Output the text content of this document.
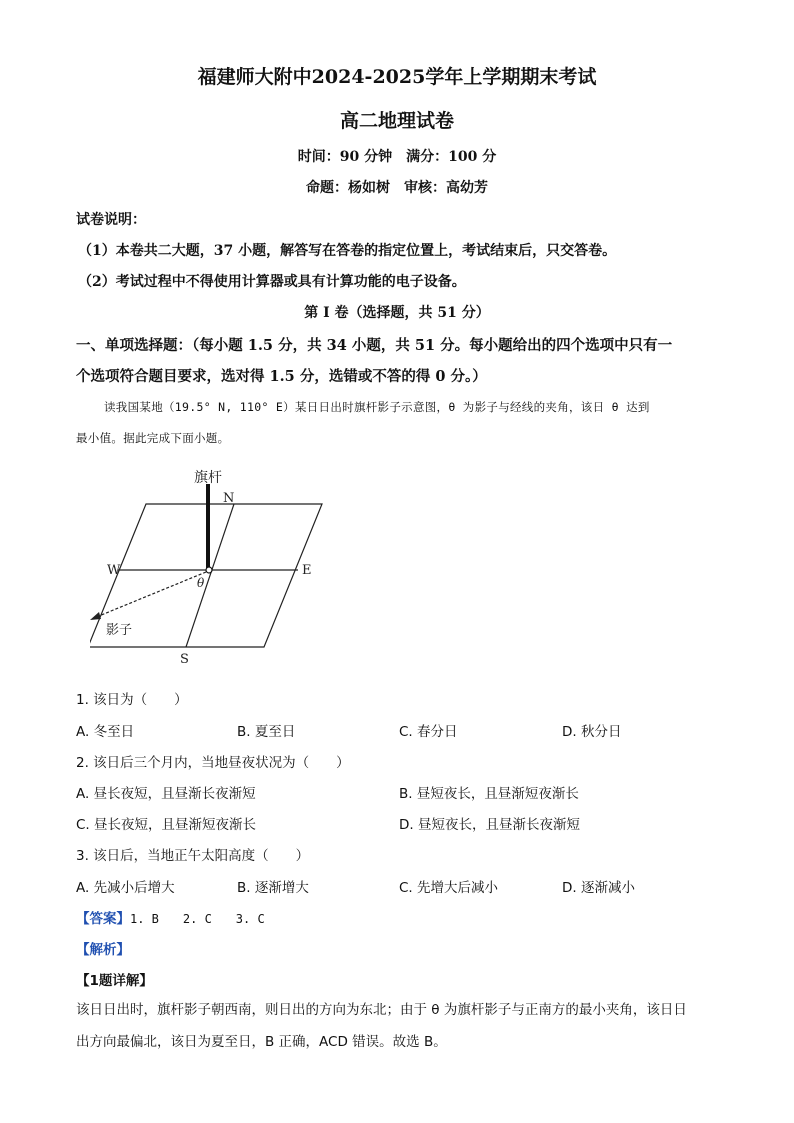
福建师大附中2024-2025学年上学期期末考试
高二地理试卷
时间：90 分钟　满分：100 分
命题：杨如树　审核：高幼芳
试卷说明：
（1）本卷共二大题，37 小题，解答写在答卷的指定位置上，考试结束后，只交答卷。
（2）考试过程中不得使用计算器或具有计算功能的电子设备。
第 I 卷（选择题，共 51 分）
一、单项选择题：（每小题 1.5 分，共 34 小题，共 51 分。每小题给出的四个选项中只有一
个选项符合题目要求，选对得 1.5 分，选错或不答的得 0 分。）
读我国某地（19.5° N, 110° E）某日日出时旗杆影子示意图，θ 为影子与经线的夹角，该日 θ 达到
最小值。据此完成下面小题。
旗杆
N
S
E
W
θ
影子
1. 该日为（　　）
A. 冬至日	B. 夏至日	C. 春分日	D. 秋分日
2. 该日后三个月内，当地昼夜状况为（　　）
A. 昼长夜短，且昼渐长夜渐短	B. 昼短夜长，且昼渐短夜渐长
C. 昼长夜短，且昼渐短夜渐长	D. 昼短夜长，且昼渐长夜渐短
3. 该日后，当地正午太阳高度（　　）
A. 先减小后增大	B. 逐渐增大	C. 先增大后减小	D. 逐渐减小
【答案】1. B　　2. C　　3. C
【解析】
【1题详解】
该日日出时，旗杆影子朝西南，则日出的方向为东北；由于 θ 为旗杆影子与正南方的最小夹角，该日日
出方向最偏北，该日为夏至日，B 正确，ACD 错误。故选 B。
